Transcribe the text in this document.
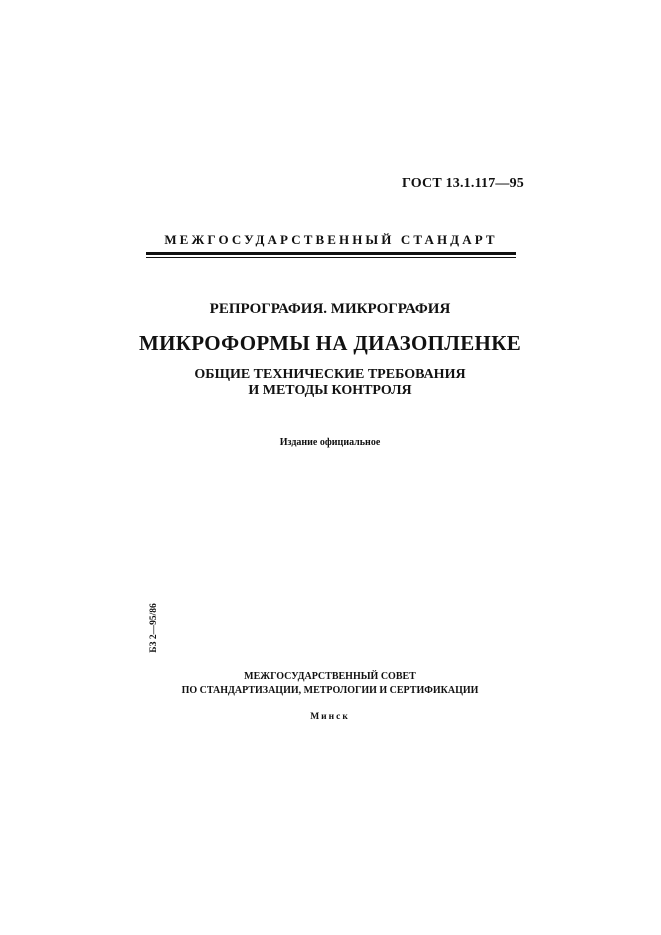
ГОСТ 13.1.117—95
МЕЖГОСУДАРСТВЕННЫЙ СТАНДАРТ
РЕПРОГРАФИЯ. МИКРОГРАФИЯ
МИКРОФОРМЫ НА ДИАЗОПЛЕНКЕ
ОБЩИЕ ТЕХНИЧЕСКИЕ ТРЕБОВАНИЯ
И МЕТОДЫ КОНТРОЛЯ
Издание официальное
БЗ 2—95/86
МЕЖГОСУДАРСТВЕННЫЙ СОВЕТ
ПО СТАНДАРТИЗАЦИИ, МЕТРОЛОГИИ И СЕРТИФИКАЦИИ
Минск
